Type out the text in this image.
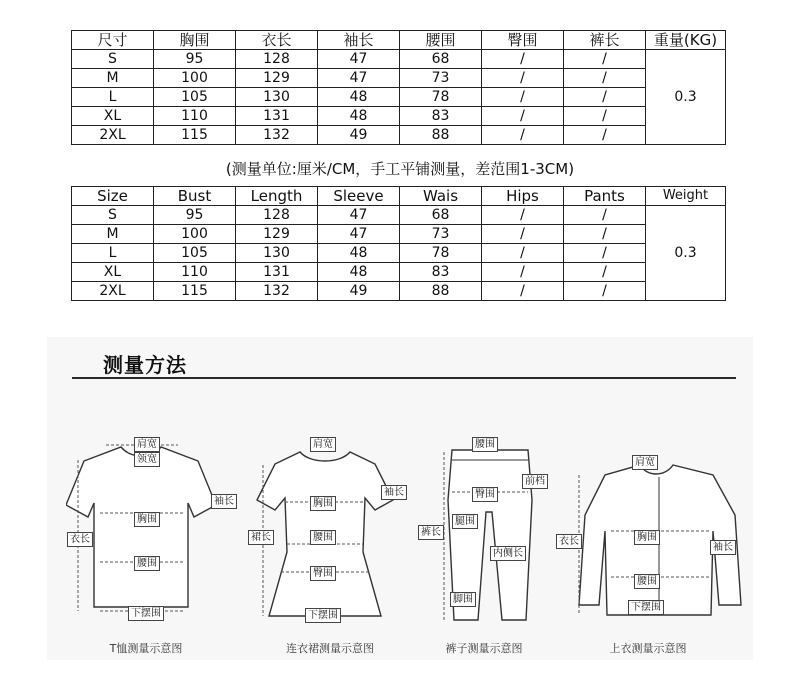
尺寸	胸围	衣长	袖长	腰围	臀围	裤长	重量(KG)
S	95	128	47	68	/	/	0.3
M	100	129	47	73	/	/	
L	105	130	48	78	/	/	
XL	110	131	48	83	/	/	
2XL	115	132	49	88	/	/	
(测量单位:厘米/CM，手工平铺测量，差范围1-3CM)
Size	Bust	Length	Sleeve	Wais	Hips	Pants	Weight
S	95	128	47	68	/	/	0.3
M	100	129	47	73	/	/	
L	105	130	48	78	/	/	
XL	110	131	48	83	/	/	
2XL	115	132	49	88	/	/	
测量方法
肩宽
领宽
袖长
衣长
胸围
腰围
下摆围
T恤测量示意图
肩宽
袖长
胸围
裙长	腰围
臀围
下摆围
连衣裙测量示意图
腰围
前档
臀围
裤长
腿围
内侧长
脚围
裤子测量示意图
肩宽
衣长	胸围
袖长
腰围
下摆围
上衣测量示意图
